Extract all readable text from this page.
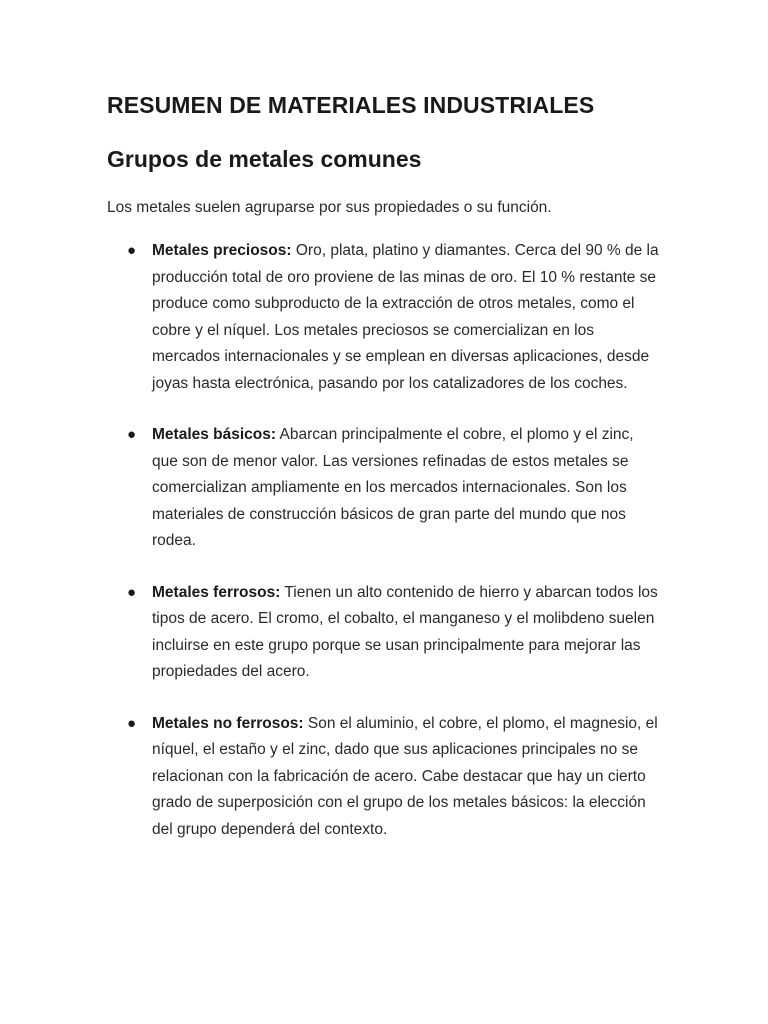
RESUMEN DE MATERIALES INDUSTRIALES
Grupos de metales comunes

Los metales suelen agruparse por sus propiedades o su función.

● Metales preciosos: Oro, plata, platino y diamantes. Cerca del 90 % de la producción total de oro proviene de las minas de oro. El 10 % restante se produce como subproducto de la extracción de otros metales, como el cobre y el níquel. Los metales preciosos se comercializan en los mercados internacionales y se emplean en diversas aplicaciones, desde joyas hasta electrónica, pasando por los catalizadores de los coches.
● Metales básicos: Abarcan principalmente el cobre, el plomo y el zinc, que son de menor valor. Las versiones refinadas de estos metales se comercializan ampliamente en los mercados internacionales. Son los materiales de construcción básicos de gran parte del mundo que nos rodea.
● Metales ferrosos: Tienen un alto contenido de hierro y abarcan todos los tipos de acero. El cromo, el cobalto, el manganeso y el molibdeno suelen incluirse en este grupo porque se usan principalmente para mejorar las propiedades del acero.
● Metales no ferrosos: Son el aluminio, el cobre, el plomo, el magnesio, el níquel, el estaño y el zinc, dado que sus aplicaciones principales no se relacionan con la fabricación de acero. Cabe destacar que hay un cierto grado de superposición con el grupo de los metales básicos: la elección del grupo dependerá del contexto.
